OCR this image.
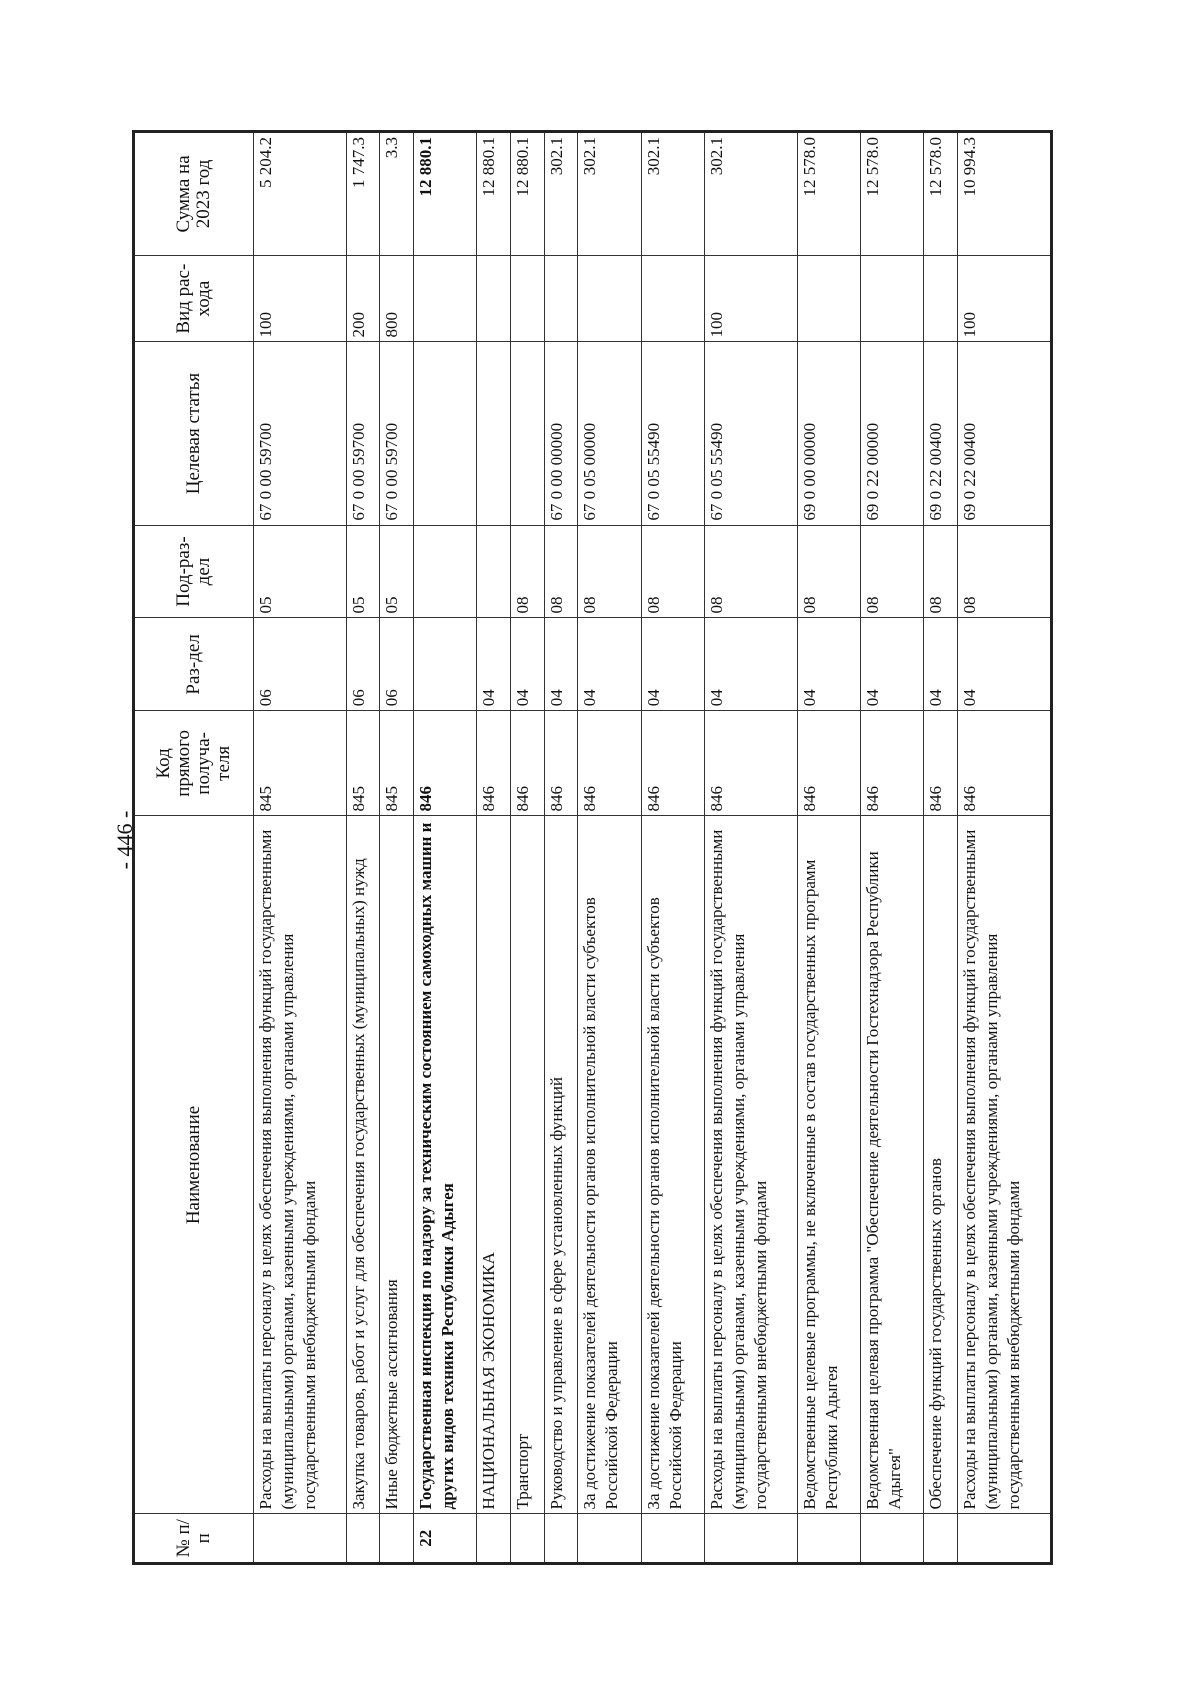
- 446 -
№ п/п	Наименование	Код прямого получа-теля	Раз-дел	Под-раз-дел	Целевая статья	Вид рас-хода	Сумма на 2023 год
	Расходы на выплаты персоналу в целях обеспечения выполнения функций государственными (муниципальными) органами, казенными учреждениями, органами управления государственными внебюджетными фондами	845	06	05	67 0 00 59700	100	5 204.2
	Закупка товаров, работ и услуг для обеспечения государственных (муниципальных) нужд	845	06	05	67 0 00 59700	200	1 747.3
	Иные бюджетные ассигнования	845	06	05	67 0 00 59700	800	3.3
22	Государственная инспекция по надзору за техническим состоянием самоходных машин и других видов техники Республики Адыгея	846					12 880.1
	НАЦИОНАЛЬНАЯ ЭКОНОМИКА	846	04				12 880.1
	Транспорт	846	04	08			12 880.1
	Руководство и управление в сфере установленных функций	846	04	08	67 0 00 00000		302.1
	За достижение показателей деятельности органов исполнительной власти субъектов Российской Федерации	846	04	08	67 0 05 00000		302.1
	За достижение показателей деятельности органов исполнительной власти субъектов Российской Федерации	846	04	08	67 0 05 55490		302.1
	Расходы на выплаты персоналу в целях обеспечения выполнения функций государственными (муниципальными) органами, казенными учреждениями, органами управления государственными внебюджетными фондами	846	04	08	67 0 05 55490	100	302.1
	Ведомственные целевые программы, не включенные в состав государственных программ Республики Адыгея	846	04	08	69 0 00 00000		12 578.0
	Ведомственная целевая программа "Обеспечение деятельности Гостехнадзора Республики Адыгея"	846	04	08	69 0 22 00000		12 578.0
	Обеспечение функций государственных органов	846	04	08	69 0 22 00400		12 578.0
	Расходы на выплаты персоналу в целях обеспечения выполнения функций государственными (муниципальными) органами, казенными учреждениями, органами управления государственными внебюджетными фондами	846	04	08	69 0 22 00400	100	10 994.3
